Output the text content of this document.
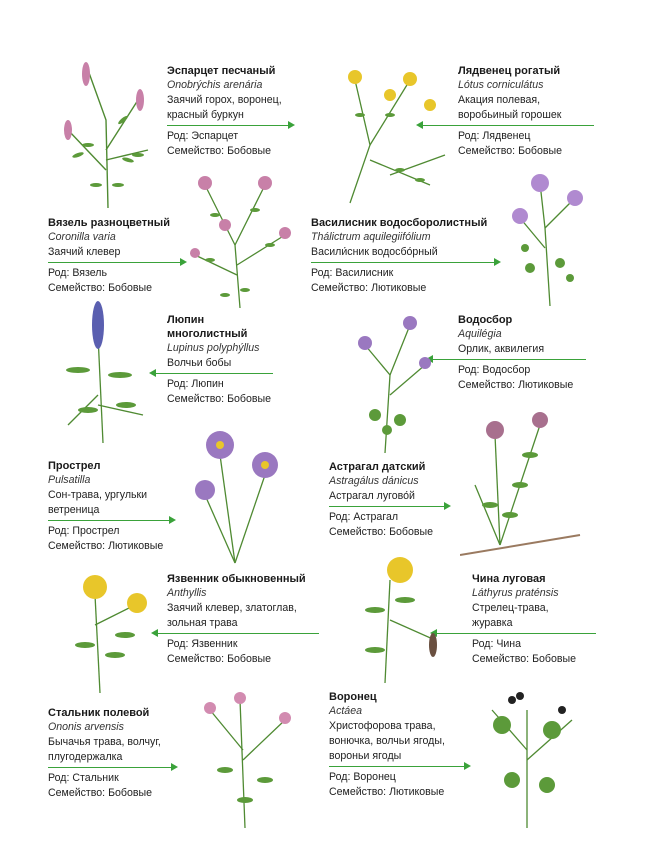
Эспарцет песчаный
Onobrýchis arenária
Заячий горох, воронец, красный буркун
Род: Эспарцет
Семейство: Бобовые
Лядвенец рогатый
Lótus corniculátus
Акация полевая, воробьиный горошек
Род: Лядвенец
Семейство: Бобовые
Вязель разноцветный
Coronilla varia
Заячий клевер
Род: Вязель
Семейство: Бобовые
Василисник водосборолистный
Thálictrum aquilegiifólium
Васили́сник водосбо́рный
Род: Василисник
Семейство: Лютиковые
Люпин многолистный
Lupinus polyphýllus
Волчьи бобы
Род: Люпин
Семейство: Бобовые
Водосбор
Aquilégia
Орлик, аквилегия
Род: Водосбор
Семейство: Лютиковые
Прострел
Pulsatilla
Сон-трава, ургульки ветреница
Род: Прострел
Семейство: Лютиковые
Астрагал датский
Astragálus dánicus
Астрагал лугово́й
Род: Астрагал
Семейство: Бобовые
Язвенник обыкновенный
Anthyllis
Заячий клевер, златоглав, зольная трава
Род: Язвенник
Семейство: Бобовые
Чина луговая
Láthyrus praténsis
Стрелец-трава, журавка
Род: Чина
Семейство: Бобовые
Стальник полевой
Ononis arvensis
Бычачья трава, волчуг, плугодержалка
Род: Стальник
Семейство: Бобовые
Воронец
Actáea
Христофорова трава, вонючка, волчьи ягоды, вороньи ягоды
Род: Воронец
Семейство: Лютиковые
